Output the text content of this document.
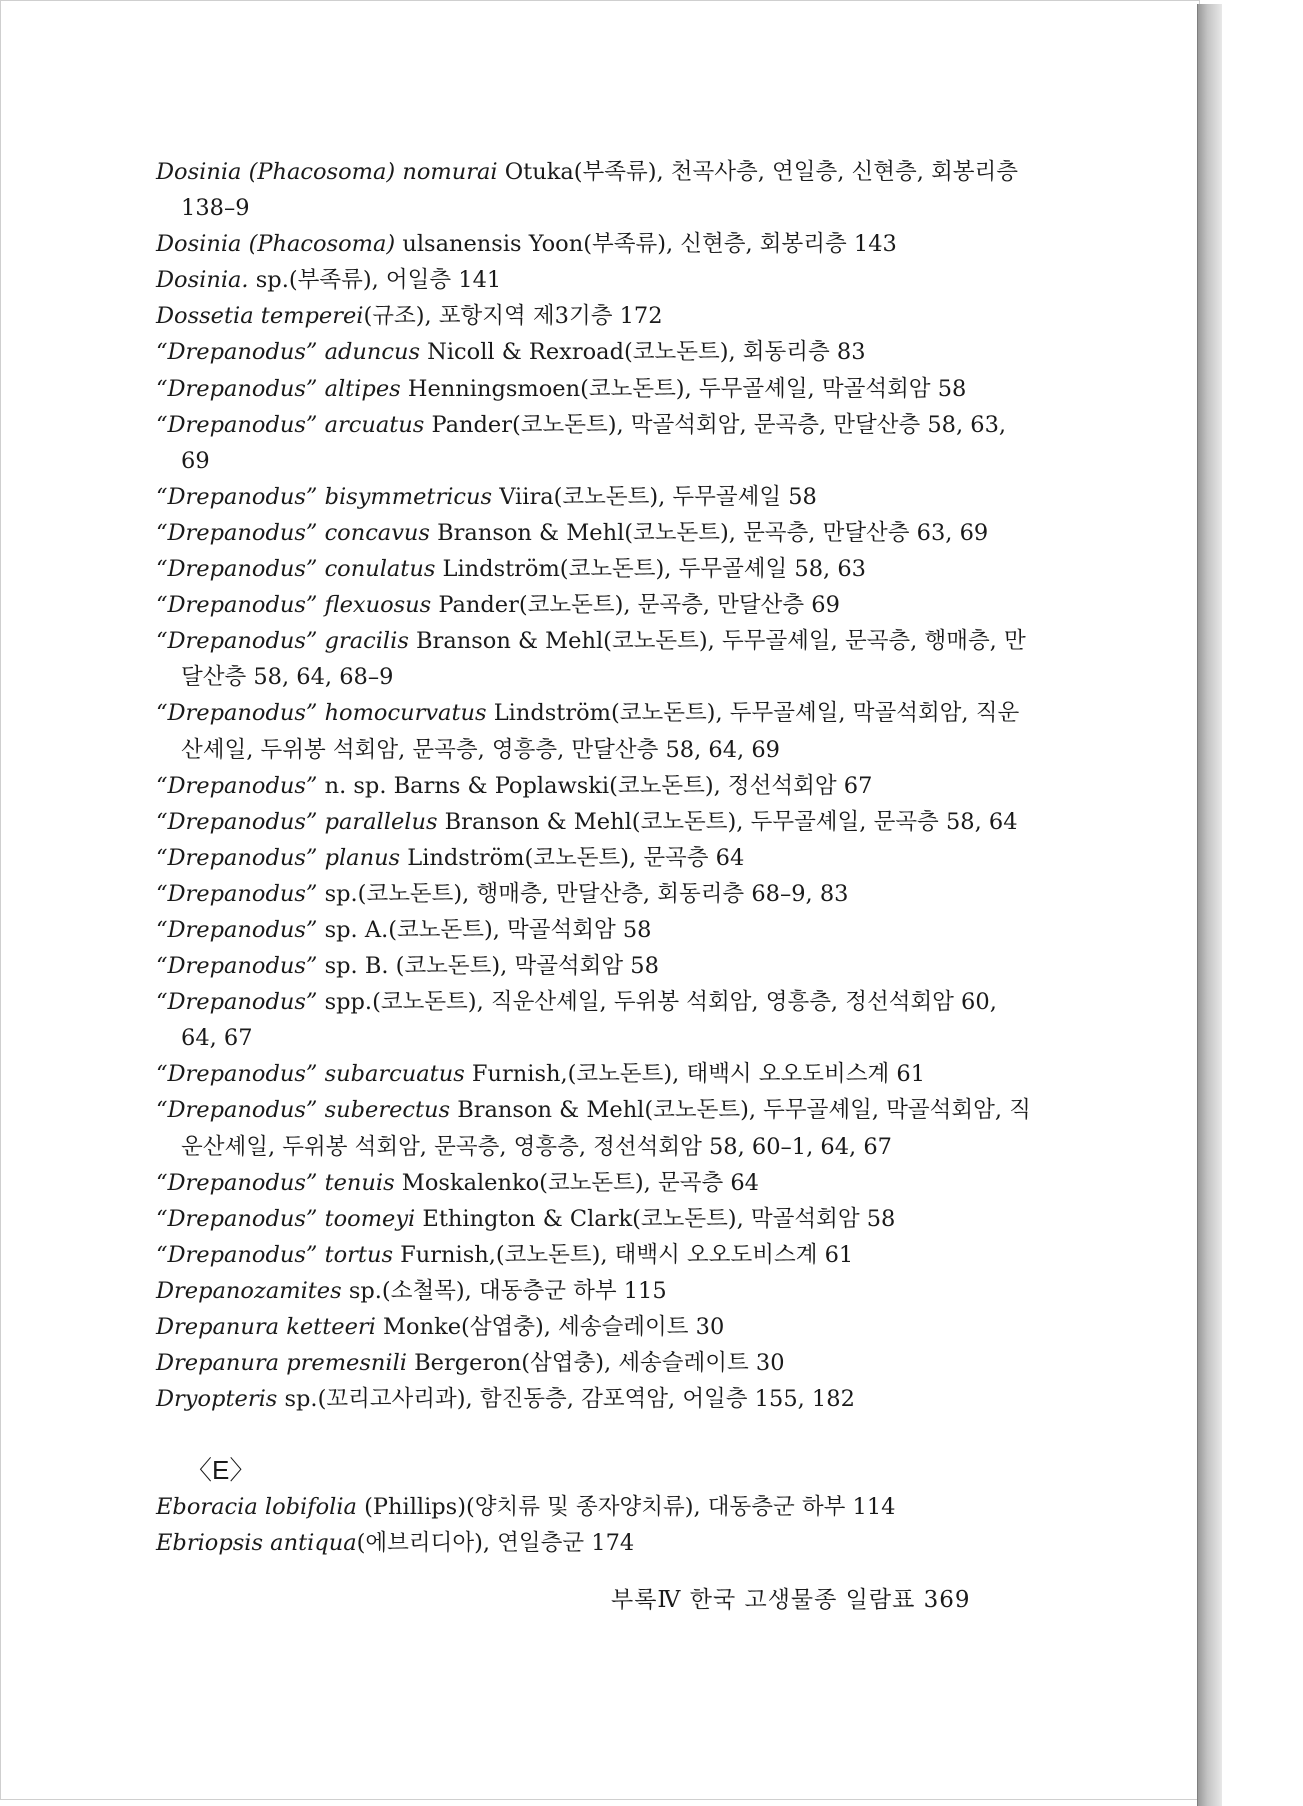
Dosinia (Phacosoma) nomurai Otuka(부족류), 천곡사층, 연일층, 신현층, 회봉리층 138–9
Dosinia (Phacosoma) ulsanensis Yoon(부족류), 신현층, 회봉리층 143
Dosinia. sp.(부족류), 어일층 141
Dossetia temperei(규조), 포항지역 제3기층 172
“Drepanodus” aduncus Nicoll & Rexroad(코노돈트), 회동리층 83
“Drepanodus” altipes Henningsmoen(코노돈트), 두무골셰일, 막골석회암 58
“Drepanodus” arcuatus Pander(코노돈트), 막골석회암, 문곡층, 만달산층 58, 63, 69
“Drepanodus” bisymmetricus Viira(코노돈트), 두무골셰일 58
“Drepanodus” concavus Branson & Mehl(코노돈트), 문곡층, 만달산층 63, 69
“Drepanodus” conulatus Lindström(코노돈트), 두무골셰일 58, 63
“Drepanodus” flexuosus Pander(코노돈트), 문곡층, 만달산층 69
“Drepanodus” gracilis Branson & Mehl(코노돈트), 두무골셰일, 문곡층, 행매층, 만달산층 58, 64, 68–9
“Drepanodus” homocurvatus Lindström(코노돈트), 두무골셰일, 막골석회암, 직운산셰일, 두위봉 석회암, 문곡층, 영흥층, 만달산층 58, 64, 69
“Drepanodus” n. sp. Barns & Poplawski(코노돈트), 정선석회암 67
“Drepanodus” parallelus Branson & Mehl(코노돈트), 두무골셰일, 문곡층 58, 64
“Drepanodus” planus Lindström(코노돈트), 문곡층 64
“Drepanodus” sp.(코노돈트), 행매층, 만달산층, 회동리층 68–9, 83
“Drepanodus” sp. A.(코노돈트), 막골석회암 58
“Drepanodus” sp. B. (코노돈트), 막골석회암 58
“Drepanodus” spp.(코노돈트), 직운산셰일, 두위봉 석회암, 영흥층, 정선석회암 60, 64, 67
“Drepanodus” subarcuatus Furnish,(코노돈트), 태백시 오오도비스계 61
“Drepanodus” suberectus Branson & Mehl(코노돈트), 두무골셰일, 막골석회암, 직운산셰일, 두위봉 석회암, 문곡층, 영흥층, 정선석회암 58, 60–1, 64, 67
“Drepanodus” tenuis Moskalenko(코노돈트), 문곡층 64
“Drepanodus” toomeyi Ethington & Clark(코노돈트), 막골석회암 58
“Drepanodus” tortus Furnish,(코노돈트), 태백시 오오도비스계 61
Drepanozamites sp.(소철목), 대동층군 하부 115
Drepanura ketteeri Monke(삼엽충), 세송슬레이트 30
Drepanura premesnili Bergeron(삼엽충), 세송슬레이트 30
Dryopteris sp.(꼬리고사리과), 함진동층, 감포역암, 어일층 155, 182
〈E〉
Eboracia lobifolia (Phillips)(양치류 및 종자양치류), 대동층군 하부 114
Ebriopsis antiqua(에브리디아), 연일층군 174
부록Ⅳ 한국 고생물종 일람표 369
